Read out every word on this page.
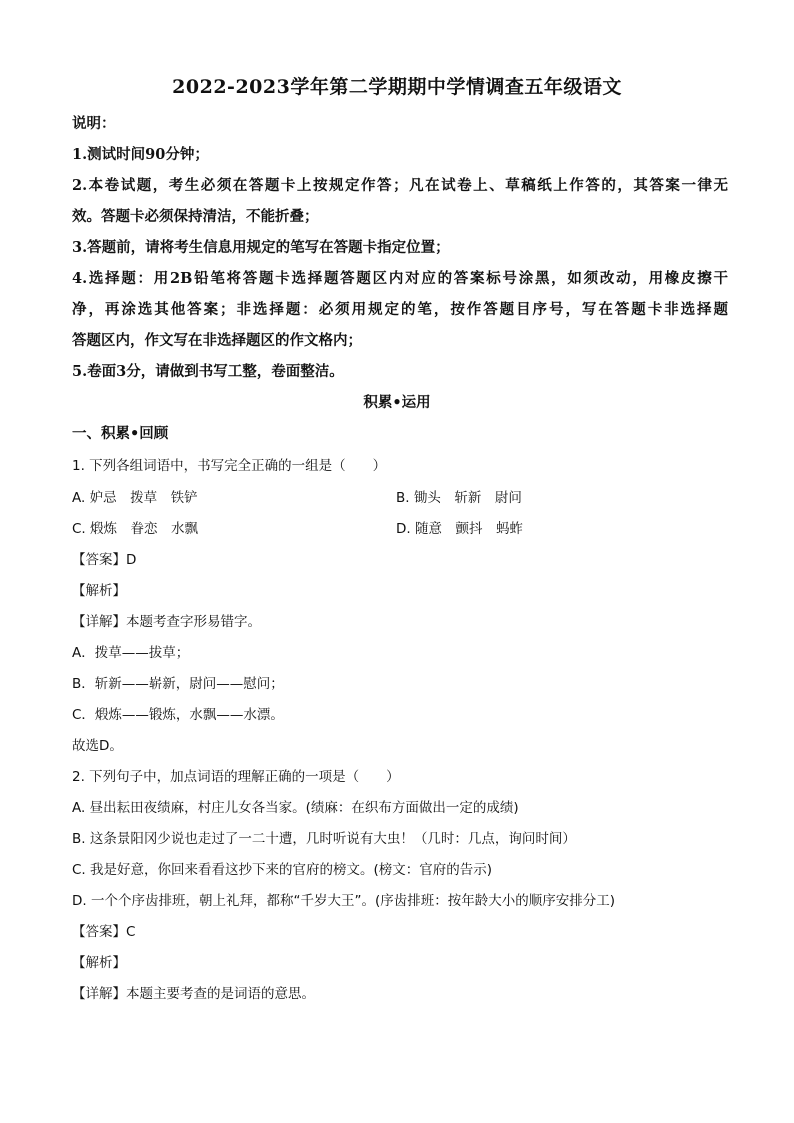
2022-2023学年第二学期期中学情调查五年级语文
说明：
1.测试时间90分钟；
2.本卷试题，考生必须在答题卡上按规定作答；凡在试卷上、草稿纸上作答的，其答案一律无
效。答题卡必须保持清洁，不能折叠；
3.答题前，请将考生信息用规定的笔写在答题卡指定位置；
4.选择题：用2B铅笔将答题卡选择题答题区内对应的答案标号涂黑，如须改动，用橡皮擦干
净，再涂选其他答案；非选择题：必须用规定的笔，按作答题目序号，写在答题卡非选择题
答题区内，作文写在非选择题区的作文格内；
5.卷面3分，请做到书写工整，卷面整洁。
积累•运用
一、积累•回顾
1. 下列各组词语中，书写完全正确的一组是（　　）
A. 妒忌　拨草　铁铲	B. 锄头　斩新　尉问
C. 煅炼　眷恋　水飘	D. 随意　颤抖　蚂蚱
【答案】D
【解析】
【详解】本题考查字形易错字。
A．拨草——拔草；
B．斩新——崭新，尉问——慰问；
C．煅炼——锻炼，水飘——水漂。
故选D。
2. 下列句子中，加点词语的理解正确的一项是（　　）
A. 昼出耘田夜绩麻，村庄儿女各当家。(绩麻：在织布方面做出一定的成绩)
B. 这条景阳冈少说也走过了一二十遭，几时听说有大虫！（几时：几点，询问时间）
C. 我是好意，你回来看看这抄下来的官府的榜文。(榜文：官府的告示)
D. 一个个序齿排班，朝上礼拜，都称“千岁大王”。(序齿排班：按年龄大小的顺序安排分工)
【答案】C
【解析】
【详解】本题主要考查的是词语的意思。
